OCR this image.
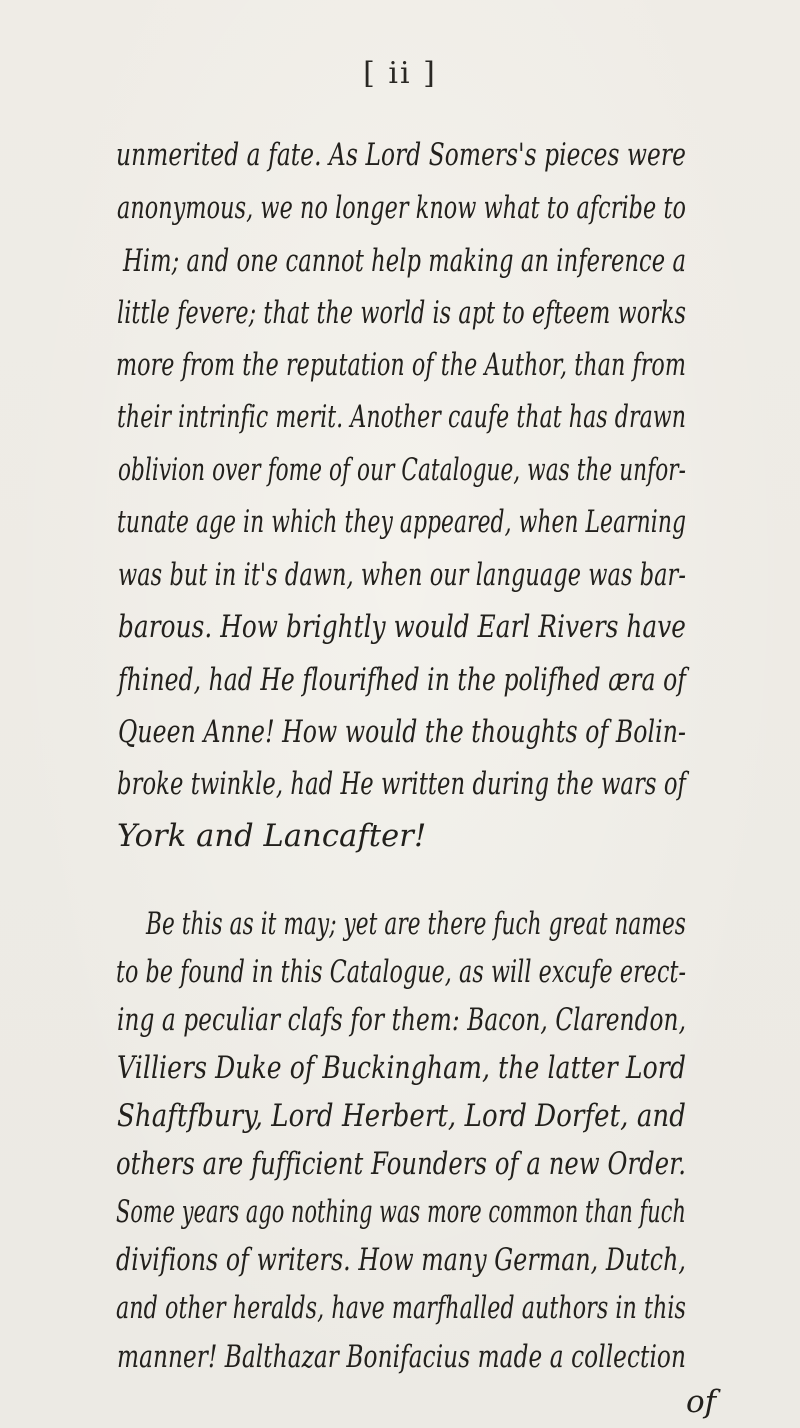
[ ii ]
unmerited a fate. As Lord Somers's pieces were
anonymous, we no longer know what to afcribe to
Him; and one cannot help making an inference a
little fevere; that the world is apt to efteem works
more from the reputation of the Author, than from
their intrinfic merit. Another caufe that has drawn
oblivion over fome of our Catalogue, was the unfor-
tunate age in which they appeared, when Learning
was but in it's dawn, when our language was bar-
barous. How brightly would Earl Rivers have
fhined, had He flourifhed in the polifhed æra of
Queen Anne! How would the thoughts of Bolin-
broke twinkle, had He written during the wars of
York and Lancafter!
Be this as it may; yet are there fuch great names
to be found in this Catalogue, as will excufe erect-
ing a peculiar clafs for them: Bacon, Clarendon,
Villiers Duke of Buckingham, the latter Lord
Shaftfbury, Lord Herbert, Lord Dorfet, and
others are fufficient Founders of a new Order.
Some years ago nothing was more common than fuch
divifions of writers. How many German, Dutch,
and other heralds, have marfhalled authors in this
manner! Balthazar Bonifacius made a collection
of
